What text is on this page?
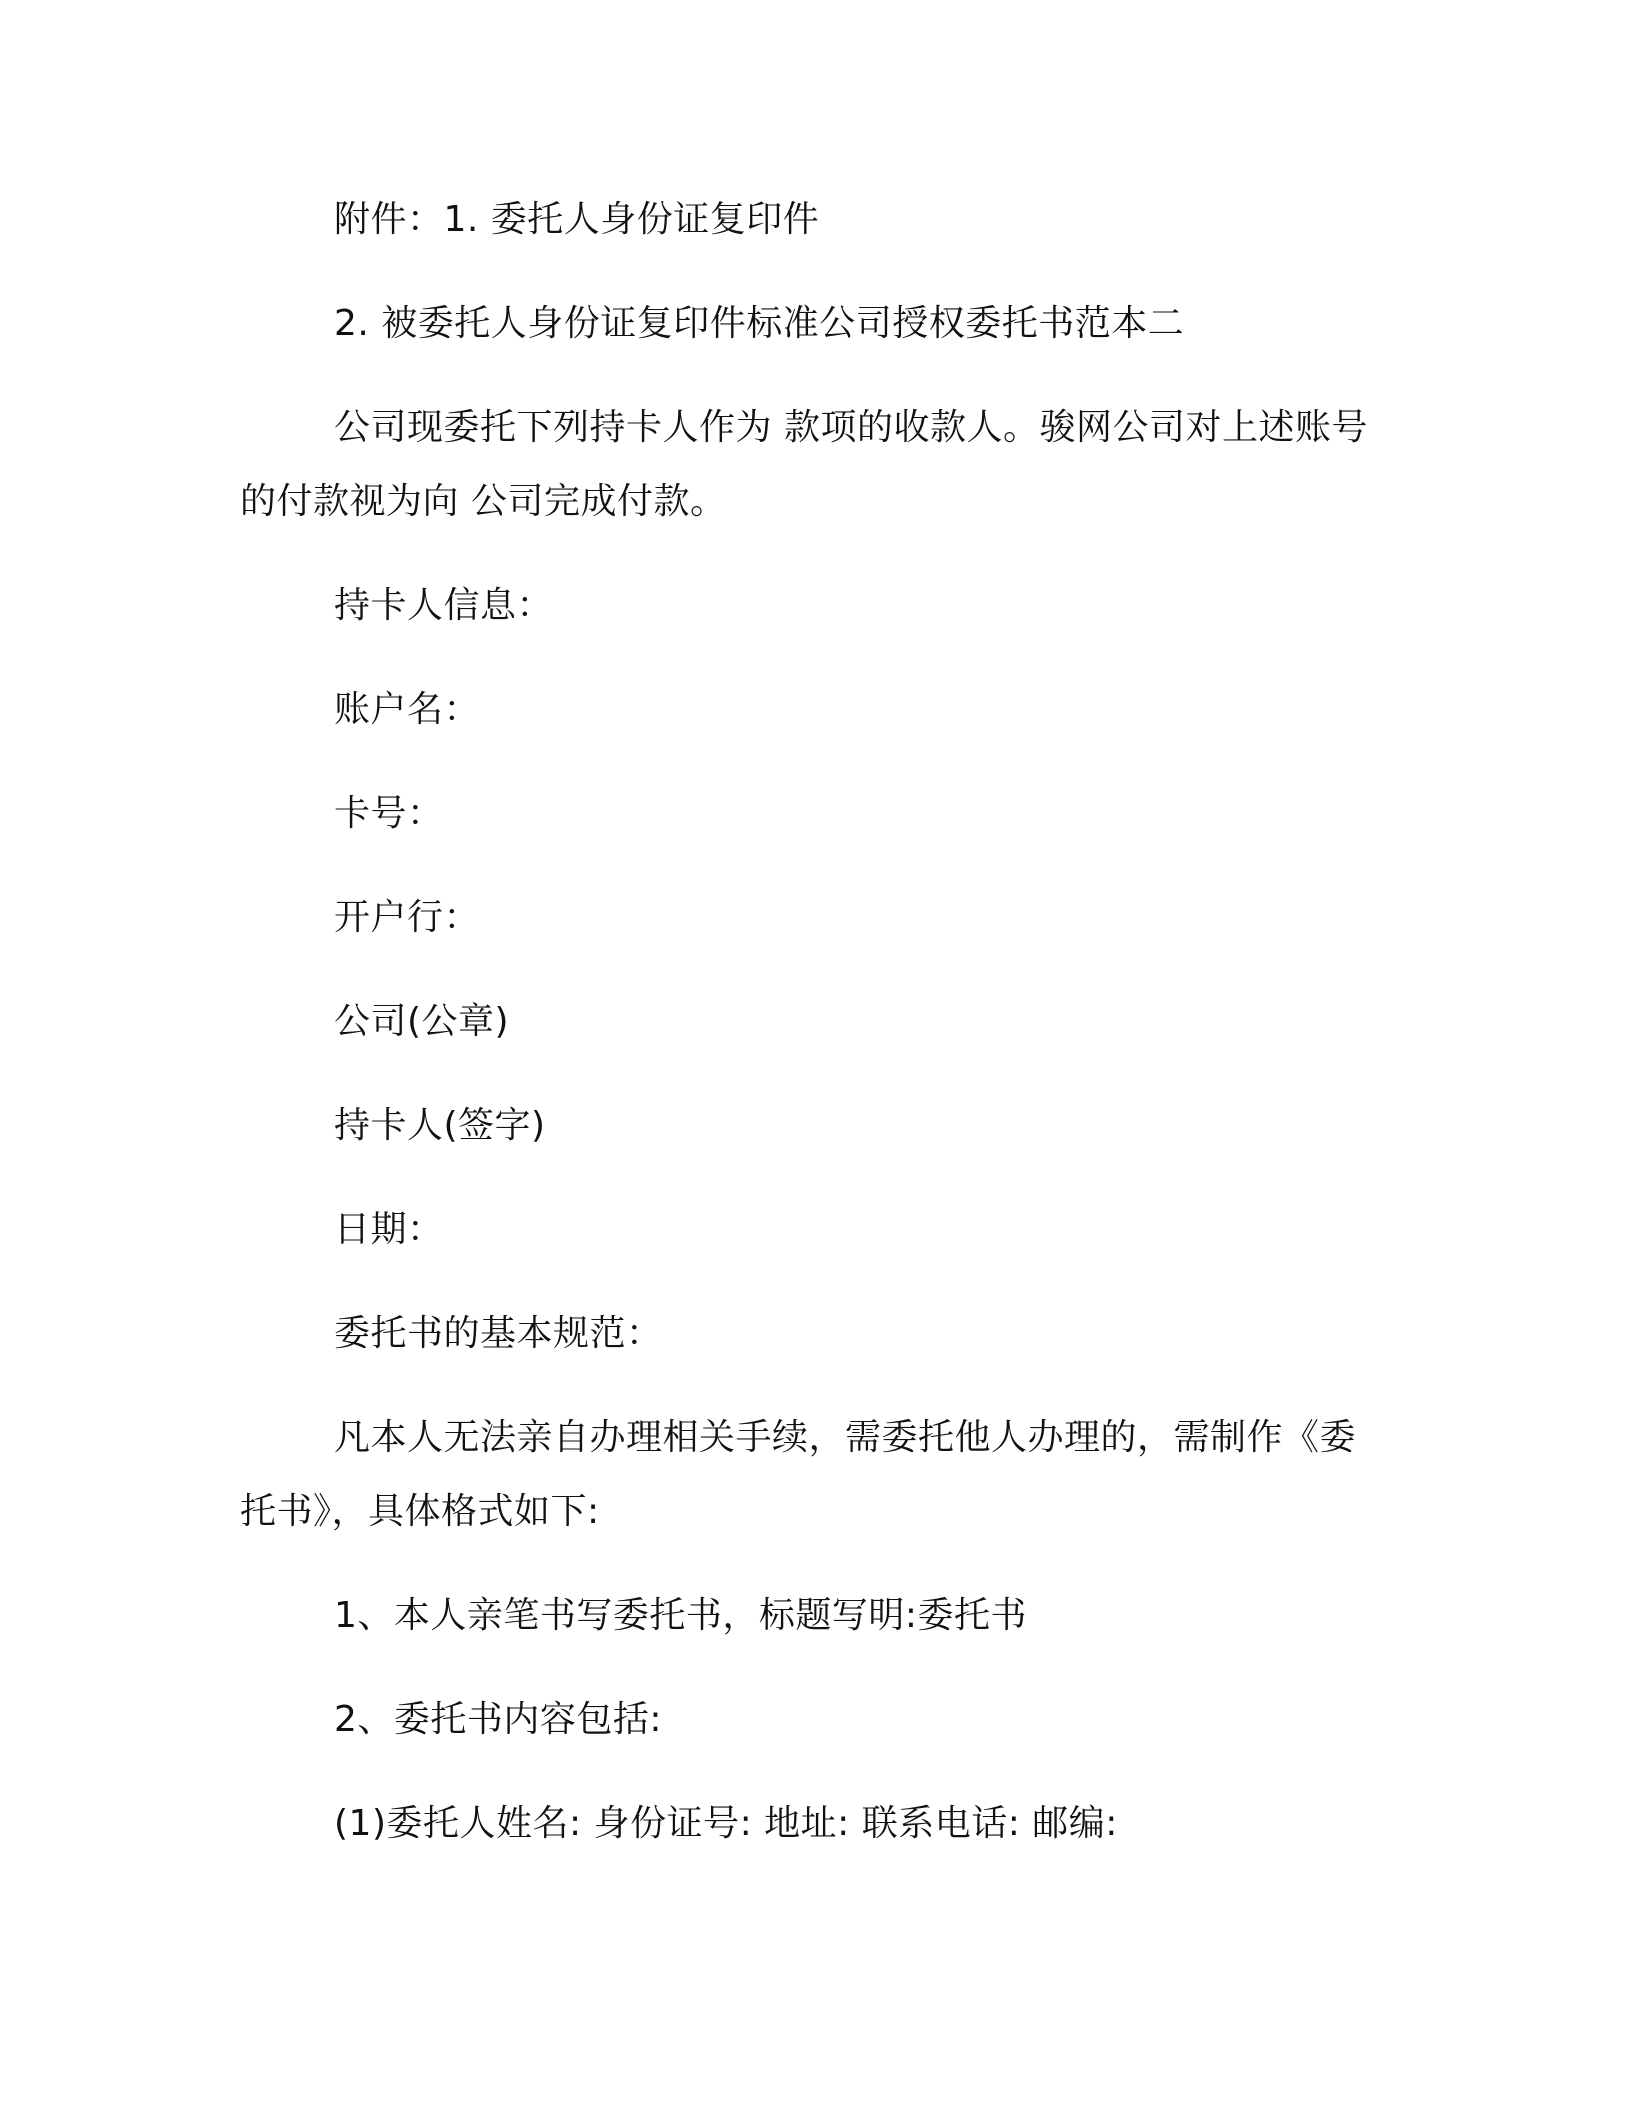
附件：1. 委托人身份证复印件
2. 被委托人身份证复印件标准公司授权委托书范本二
公司现委托下列持卡人作为 款项的收款人。骏网公司对上述账号
的付款视为向 公司完成付款。
持卡人信息：
账户名：
卡号：
开户行：
公司(公章)
持卡人(签字)
日期：
委托书的基本规范：
凡本人无法亲自办理相关手续，需委托他人办理的，需制作《委
托书》，具体格式如下:
1、本人亲笔书写委托书，标题写明:委托书
2、委托书内容包括:
(1)委托人姓名: 身份证号: 地址: 联系电话: 邮编:
